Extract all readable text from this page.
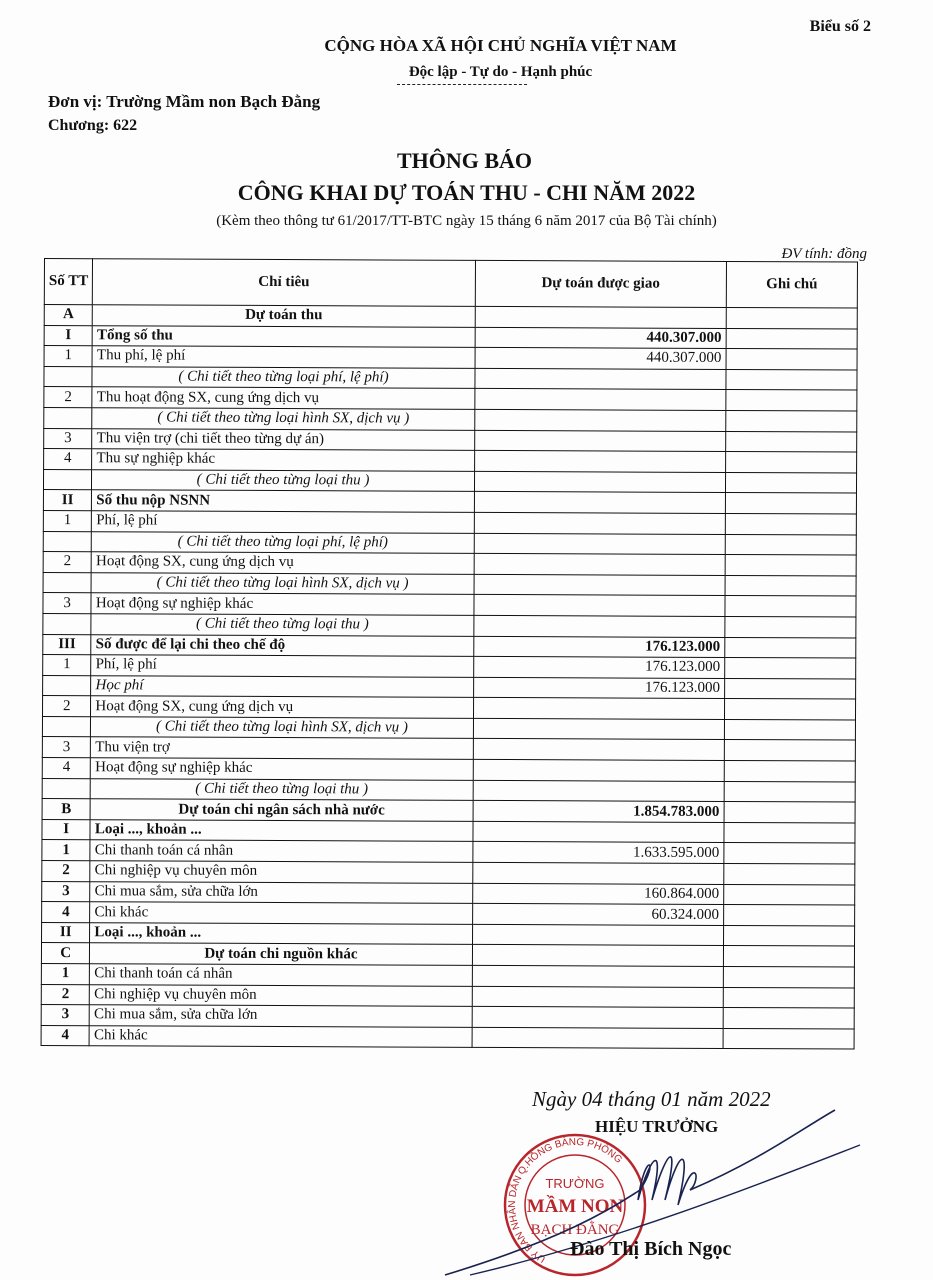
Biểu số 2
CỘNG HÒA XÃ HỘI CHỦ NGHĨA VIỆT NAM
Độc lập - Tự do - Hạnh phúc
Đơn vị: Trường Mầm non Bạch Đằng
Chương: 622
THÔNG BÁO
CÔNG KHAI DỰ TOÁN THU - CHI NĂM 2022
(Kèm theo thông tư 61/2017/TT-BTC ngày 15 tháng 6 năm 2017 của Bộ Tài chính)
ĐV tính: đồng
Số TT	Chỉ tiêu	Dự toán được giao	Ghi chú
A	Dự toán thu		
I	Tổng số thu	440.307.000	
1	Thu phí, lệ phí	440.307.000	
	( Chi tiết theo từng loại phí, lệ phí)		
2	Thu hoạt động SX, cung ứng dịch vụ		
	( Chi tiết theo từng loại hình SX, dịch vụ )		
3	Thu viện trợ (chi tiết theo từng dự án)		
4	Thu sự nghiệp khác		
	( Chi tiết theo từng loại thu )		
II	Số thu nộp NSNN		
1	Phí, lệ phí		
	( Chi tiết theo từng loại phí, lệ phí)		
2	Hoạt động SX, cung ứng dịch vụ		
	( Chi tiết theo từng loại hình SX, dịch vụ )		
3	Hoạt động sự nghiệp khác		
	( Chi tiết theo từng loại thu )		
III	Số được để lại chi theo chế độ	176.123.000	
1	Phí, lệ phí	176.123.000	
	Học phí	176.123.000	
2	Hoạt động SX, cung ứng dịch vụ		
	( Chi tiết theo từng loại hình SX, dịch vụ )		
3	Thu viện trợ		
4	Hoạt động sự nghiệp khác		
	( Chi tiết theo từng loại thu )		
B	Dự toán chi ngân sách nhà nước	1.854.783.000	
I	Loại ..., khoản ...		
1	Chi thanh toán cá nhân	1.633.595.000	
2	Chi nghiệp vụ chuyên môn		
3	Chi mua sắm, sửa chữa lớn	160.864.000	
4	Chi khác	60.324.000	
II	Loại ..., khoản ...		
C	Dự toán chi nguồn khác		
1	Chi thanh toán cá nhân		
2	Chi nghiệp vụ chuyên môn		
3	Chi mua sắm, sửa chữa lớn		
4	Chi khác		
Ngày 04 tháng 01 năm 2022
HIỆU TRƯỞNG
UỶ BAN NHÂN DÂN Q.HỒNG BÀNG PHÒNG
TRƯỜNG
MẦM NON
BẠCH ĐẰNG
Đào Thị Bích Ngọc
